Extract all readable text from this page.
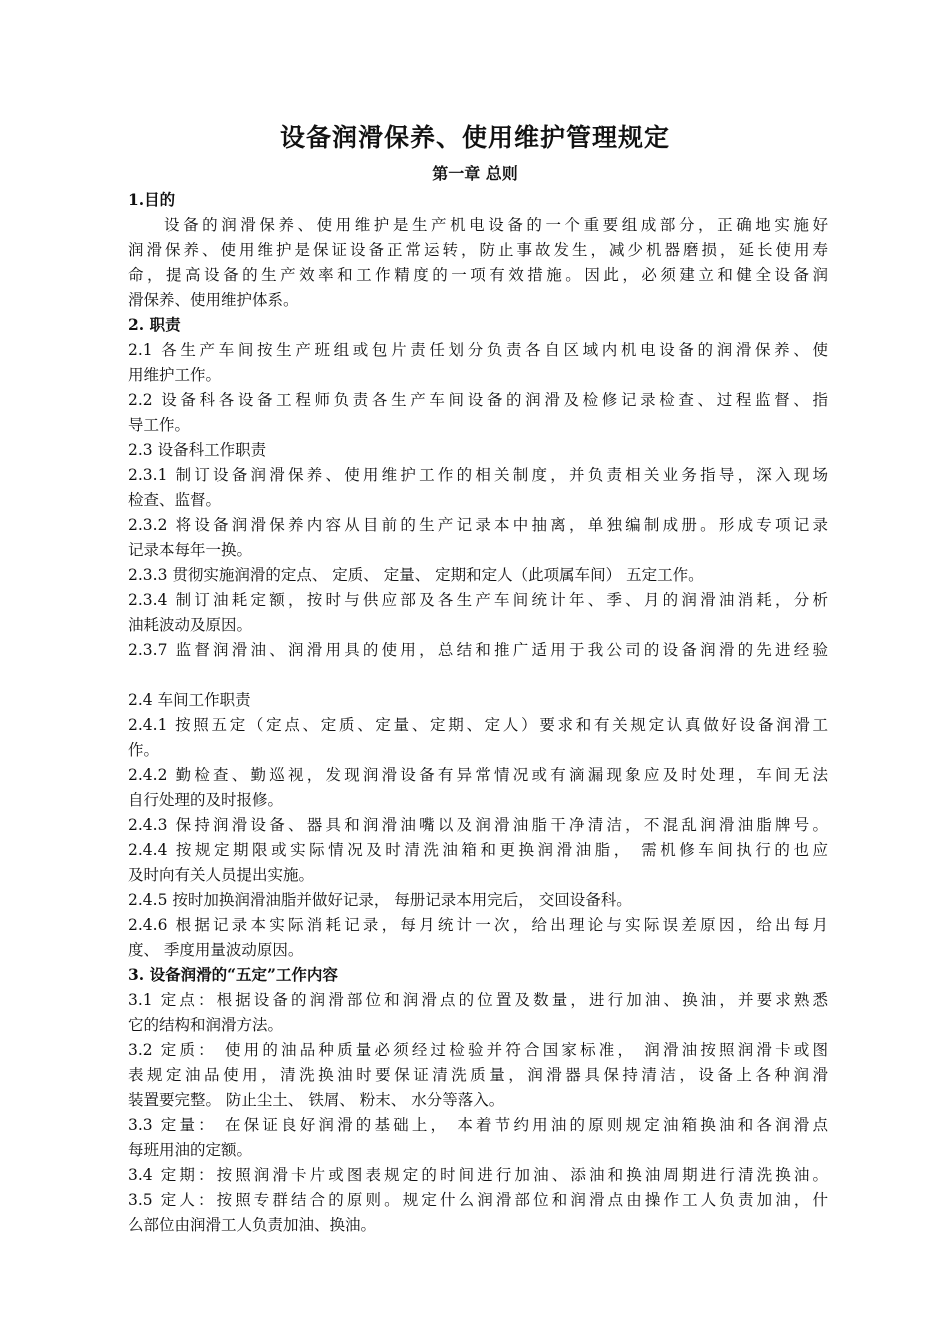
设备润滑保养、使用维护管理规定
第一章 总则
1.目的
设备的润滑保养、使用维护是生产机电设备的一个重要组成部分，正确地实施好
润滑保养、使用维护是保证设备正常运转，防止事故发生，减少机器磨损，延长使用寿
命，提高设备的生产效率和工作精度的一项有效措施。因此，必须建立和健全设备润
滑保养、使用维护体系。
2. 职责
2.1 各生产车间按生产班组或包片责任划分负责各自区域内机电设备的润滑保养、使
用维护工作。
2.2 设备科各设备工程师负责各生产车间设备的润滑及检修记录检查、过程监督、指
导工作。
2.3 设备科工作职责
2.3.1 制订设备润滑保养、使用维护工作的相关制度，并负责相关业务指导，深入现场
检查、监督。
2.3.2 将设备润滑保养内容从目前的生产记录本中抽离，单独编制成册。形成专项记录
记录本每年一换。
2.3.3 贯彻实施润滑的定点、 定质、 定量、 定期和定人（此项属车间） 五定工作。
2.3.4 制订油耗定额，按时与供应部及各生产车间统计年、季、月的润滑油消耗，分析
油耗波动及原因。
2.3.7 监督润滑油、润滑用具的使用，总结和推广适用于我公司的设备润滑的先进经验
2.4 车间工作职责
2.4.1 按照五定（定点、定质、定量、定期、定人）要求和有关规定认真做好设备润滑工
作。
2.4.2 勤检查、勤巡视，发现润滑设备有异常情况或有滴漏现象应及时处理，车间无法
自行处理的及时报修。
2.4.3 保持润滑设备、器具和润滑油嘴以及润滑油脂干净清洁，不混乱润滑油脂牌号。
2.4.4 按规定期限或实际情况及时清洗油箱和更换润滑油脂， 需机修车间执行的也应
及时向有关人员提出实施。
2.4.5 按时加换润滑油脂并做好记录， 每册记录本用完后， 交回设备科。
2.4.6 根据记录本实际消耗记录，每月统计一次，给出理论与实际误差原因，给出每月
度、 季度用量波动原因。
3. 设备润滑的“五定”工作内容
3.1 定点：根据设备的润滑部位和润滑点的位置及数量，进行加油、换油，并要求熟悉
它的结构和润滑方法。
3.2 定质： 使用的油品种质量必须经过检验并符合国家标准， 润滑油按照润滑卡或图
表规定油品使用，清洗换油时要保证清洗质量，润滑器具保持清洁，设备上各种润滑
装置要完整。 防止尘土、 铁屑、 粉末、 水分等落入。
3.3 定量： 在保证良好润滑的基础上， 本着节约用油的原则规定油箱换油和各润滑点
每班用油的定额。
3.4 定期：按照润滑卡片或图表规定的时间进行加油、添油和换油周期进行清洗换油。
3.5 定人：按照专群结合的原则。规定什么润滑部位和润滑点由操作工人负责加油，什
么部位由润滑工人负责加油、换油。
